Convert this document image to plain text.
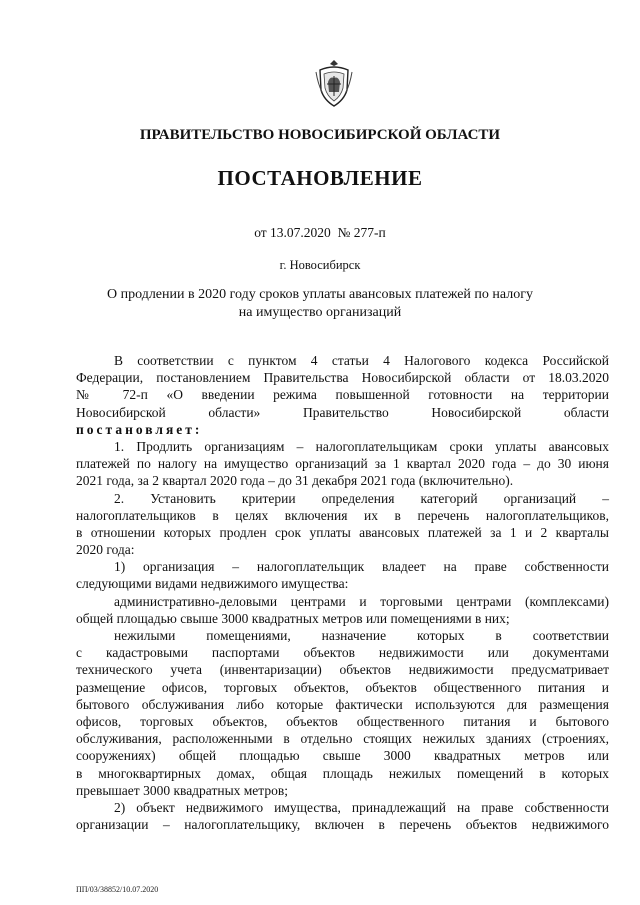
ПРАВИТЕЛЬСТВО НОВОСИБИРСКОЙ ОБЛАСТИ
ПОСТАНОВЛЕНИЕ
от 13.07.2020  № 277-п
г. Новосибирск
О продлении в 2020 году сроков уплаты авансовых платежей по налогу
на имущество организаций
В соответствии с пунктом 4 статьи 4 Налогового кодекса Российской
Федерации, постановлением Правительства Новосибирской области от 18.03.2020
№ 72-п «О введении режима повышенной готовности на территории
Новосибирской области» Правительство Новосибирской области
постановляет:
1. Продлить организациям – налогоплательщикам сроки уплаты авансовых
платежей по налогу на имущество организаций за 1 квартал 2020 года – до 30 июня
2021 года, за 2 квартал 2020 года – до 31 декабря 2021 года (включительно).
2. Установить критерии определения категорий организаций –
налогоплательщиков в целях включения их в перечень налогоплательщиков,
в отношении которых продлен срок уплаты авансовых платежей за 1 и 2 кварталы
2020 года:
1) организация – налогоплательщик владеет на праве собственности
следующими видами недвижимого имущества:
административно-деловыми центрами и торговыми центрами (комплексами)
общей площадью свыше 3000 квадратных метров или помещениями в них;
нежилыми помещениями, назначение которых в соответствии
с кадастровыми паспортами объектов недвижимости или документами
технического учета (инвентаризации) объектов недвижимости предусматривает
размещение офисов, торговых объектов, объектов общественного питания и
бытового обслуживания либо которые фактически используются для размещения
офисов, торговых объектов, объектов общественного питания и бытового
обслуживания, расположенными в отдельно стоящих нежилых зданиях (строениях,
сооружениях) общей площадью свыше 3000 квадратных метров или
в многоквартирных домах, общая площадь нежилых помещений в которых
превышает 3000 квадратных метров;
2) объект недвижимого имущества, принадлежащий на праве собственности
организации – налогоплательщику, включен в перечень объектов недвижимого
ПП/03/38852/10.07.2020
